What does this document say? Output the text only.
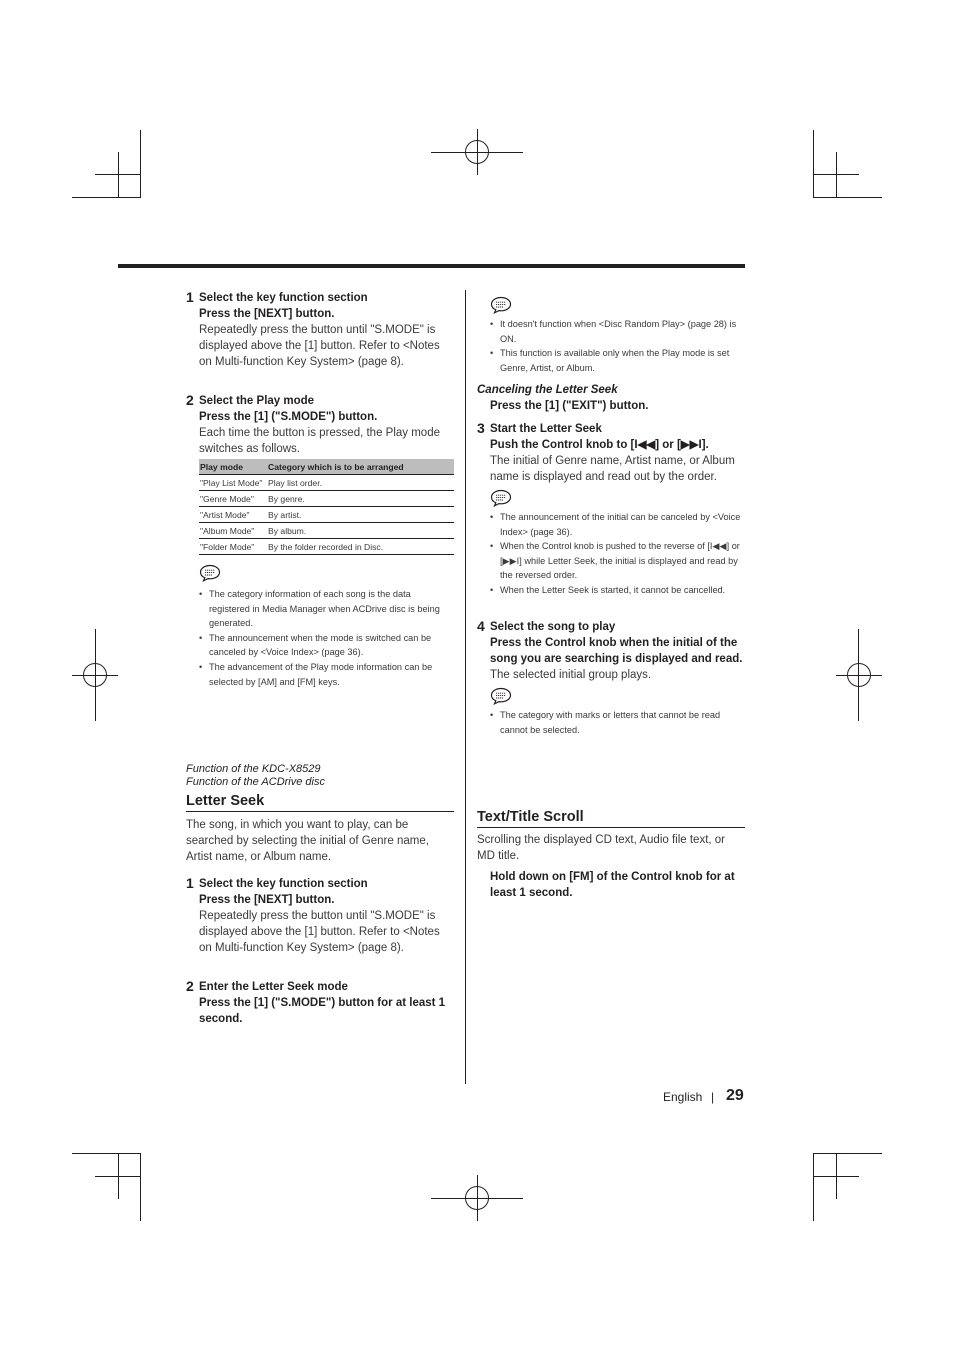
1 Select the key function section
Press the [NEXT] button.
Repeatedly press the button until "S.MODE" is displayed above the [1] button. Refer to <Notes on Multi-function Key System> (page 8).
2 Select the Play mode
Press the [1] ("S.MODE") button.
Each time the button is pressed, the Play mode switches as follows.
Play mode	Category which is to be arranged
"Play List Mode"	Play list order.
"Genre Mode"	By genre.
"Artist Mode"	By artist.
"Album Mode"	By album.
"Folder Mode"	By the folder recorded in Disc.
• The category information of each song is the data registered in Media Manager when ACDrive disc is being generated.
• The announcement when the mode is switched can be canceled by <Voice Index> (page 36).
• The advancement of the Play mode information can be selected by [AM] and [FM] keys.
Function of the KDC-X8529
Function of the ACDrive disc
Letter Seek
The song, in which you want to play, can be searched by selecting the initial of Genre name, Artist name, or Album name.
1 Select the key function section
Press the [NEXT] button.
Repeatedly press the button until "S.MODE" is displayed above the [1] button. Refer to <Notes on Multi-function Key System> (page 8).
2 Enter the Letter Seek mode
Press the [1] ("S.MODE") button for at least 1 second.
• It doesn't function when <Disc Random Play> (page 28) is ON.
• This function is available only when the Play mode is set Genre, Artist, or Album.
Canceling the Letter Seek
Press the [1] ("EXIT") button.
3 Start the Letter Seek
Push the Control knob to [I◀◀] or [▶▶I].
The initial of Genre name, Artist name, or Album name is displayed and read out by the order.
• The announcement of the initial can be canceled by <Voice Index> (page 36).
• When the Control knob is pushed to the reverse of [I◀◀] or [▶▶I] while Letter Seek, the initial is displayed and read by the reversed order.
• When the Letter Seek is started, it cannot be cancelled.
4 Select the song to play
Press the Control knob when the initial of the song you are searching is displayed and read.
The selected initial group plays.
• The category with marks or letters that cannot be read cannot be selected.
Text/Title Scroll
Scrolling the displayed CD text, Audio file text, or MD title.
Hold down on [FM] of the Control knob for at least 1 second.
English | 29
